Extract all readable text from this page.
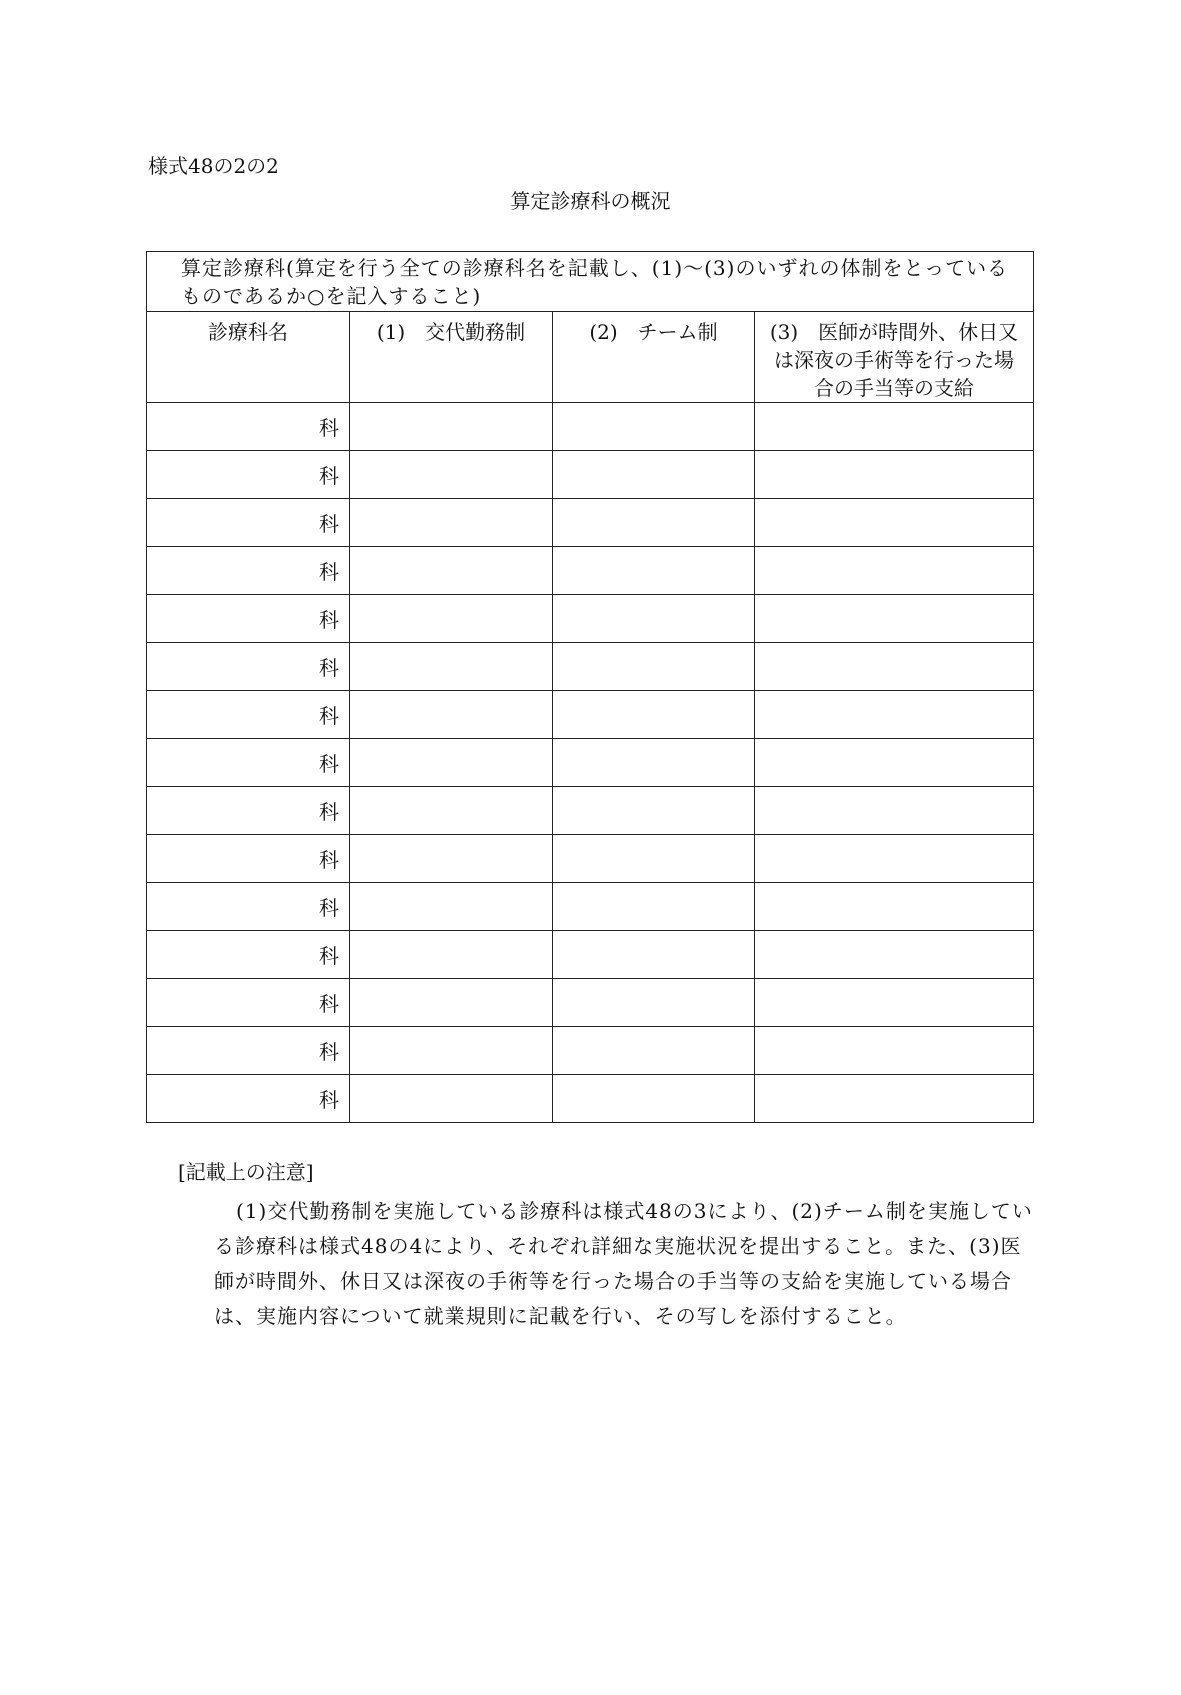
様式48の2の2
算定診療科の概況
算定診療科(算定を行う全ての診療科名を記載し、(1)～(3)のいずれの体制をとっているものであるか○を記入すること)			
診療科名	(1)　交代勤務制	(2)　チーム制	(3)　医師が時間外、休日又は深夜の手術等を行った場合の手当等の支給
科			
科			
科			
科			
科			
科			
科			
科			
科			
科			
科			
科			
科			
科			
科			
[記載上の注意]
(1)交代勤務制を実施している診療科は様式48の3により、(2)チーム制を実施している診療科は様式48の4により、それぞれ詳細な実施状況を提出すること。また、(3)医師が時間外、休日又は深夜の手術等を行った場合の手当等の支給を実施している場合は、実施内容について就業規則に記載を行い、その写しを添付すること。
